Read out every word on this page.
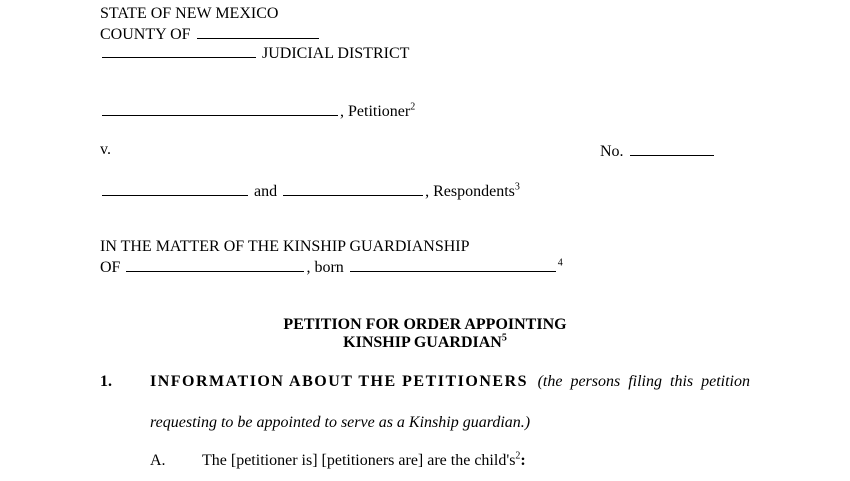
STATE OF NEW MEXICO
COUNTY OF
JUDICIAL DISTRICT
, Petitioner$^2$
v.	No.
and	, Respondents$^3$
IN THE MATTER OF THE KINSHIP GUARDIANSHIP
OF	, born	$^4$
PETITION FOR ORDER APPOINTING
KINSHIP GUARDIAN$^5$
1. INFORMATION ABOUT THE PETITIONERS (the persons filing this petition
requesting to be appointed to serve as a Kinship guardian.)
A. The [petitioner is] [petitioners are] are the $child's^2$:
